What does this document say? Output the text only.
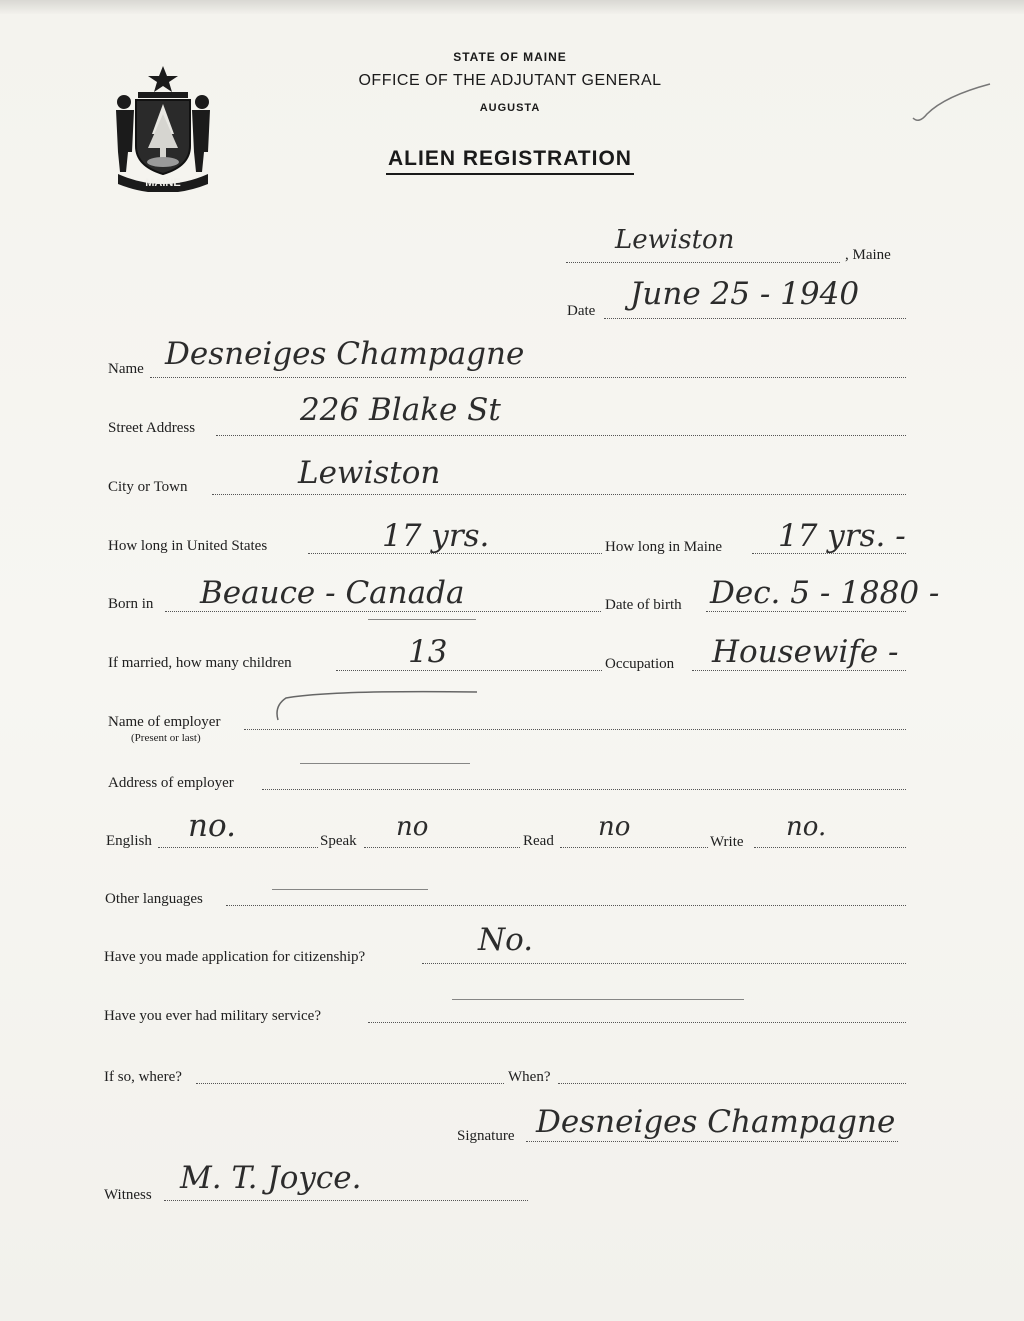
MAINE
STATE OF MAINE
OFFICE OF THE ADJUTANT GENERAL
AUGUSTA
ALIEN REGISTRATION
Lewiston	, Maine
Date June 25 - 1940
Name Desneiges Champagne
Street Address	226 Blake St
City or Town	Lewiston
How long in United States	17 yrs.	How long in Maine 17 yrs. -
Born in Beauce - Canada	Date of birth Dec. 5 - 1880 -
If married, how many children	13	Occupation Housewife -
Name of employer
(Present or last)
Address of employer
English no.	Speak no	Read no	Write no.
Other languages
Have you made application for citizenship?	No.
Have you ever had military service?
If so, where?	When?
Signature Desneiges Champagne
Witness M. T. Joyce.
